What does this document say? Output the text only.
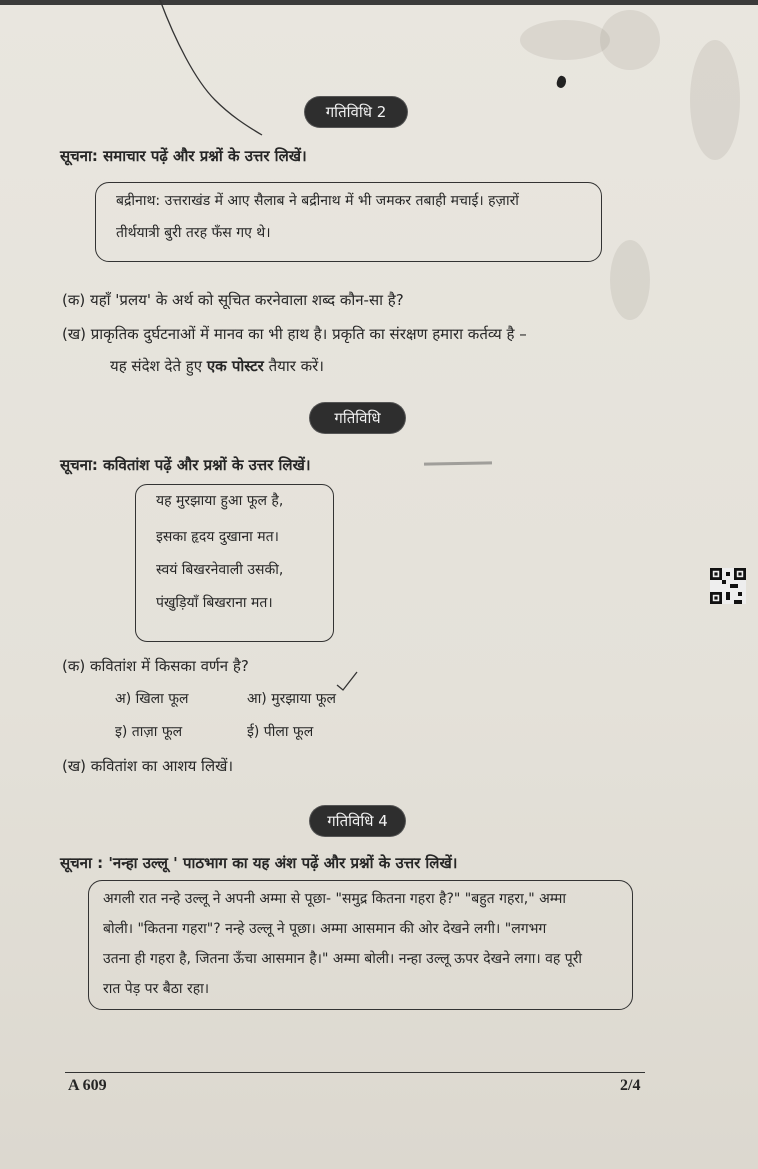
गतिविधि 2
सूचना: समाचार पढ़ें और प्रश्नों के उत्तर लिखें।
बद्रीनाथ: उत्तराखंड में आए सैलाब ने बद्रीनाथ में भी जमकर तबाही मचाई। हज़ारों
तीर्थयात्री बुरी तरह फँस गए थे।
(क) यहाँ 'प्रलय' के अर्थ को सूचित करनेवाला शब्द कौन-सा है?
(ख) प्राकृतिक दुर्घटनाओं में मानव का भी हाथ है। प्रकृति का संरक्षण हमारा कर्तव्य है –
यह संदेश देते हुए एक पोस्टर तैयार करें।
गतिविधि
सूचना: कवितांश पढ़ें और प्रश्नों के उत्तर लिखें।
यह मुरझाया हुआ फूल है,
इसका हृदय दुखाना मत।
स्वयं बिखरनेवाली उसकी,
पंखुड़ियाँ बिखराना मत।
(क) कवितांश में किसका वर्णन है?
अ) खिला फूल	आ) मुरझाया फूल
इ) ताज़ा फूल	ई) पीला फूल
(ख) कवितांश का आशय लिखें।
गतिविधि 4
सूचना : 'नन्हा उल्लू ' पाठभाग का यह अंश पढ़ें और प्रश्नों के उत्तर लिखें।
अगली रात नन्हे उल्लू ने अपनी अम्मा से पूछा- "समुद्र कितना गहरा है?" "बहुत गहरा," अम्मा
बोली। "कितना गहरा"? नन्हे उल्लू ने पूछा। अम्मा आसमान की ओर देखने लगी। "लगभग
उतना ही गहरा है, जितना ऊँचा आसमान है।" अम्मा बोली। नन्हा उल्लू ऊपर देखने लगा। वह पूरी
रात पेड़ पर बैठा रहा।
A 609	2/4
